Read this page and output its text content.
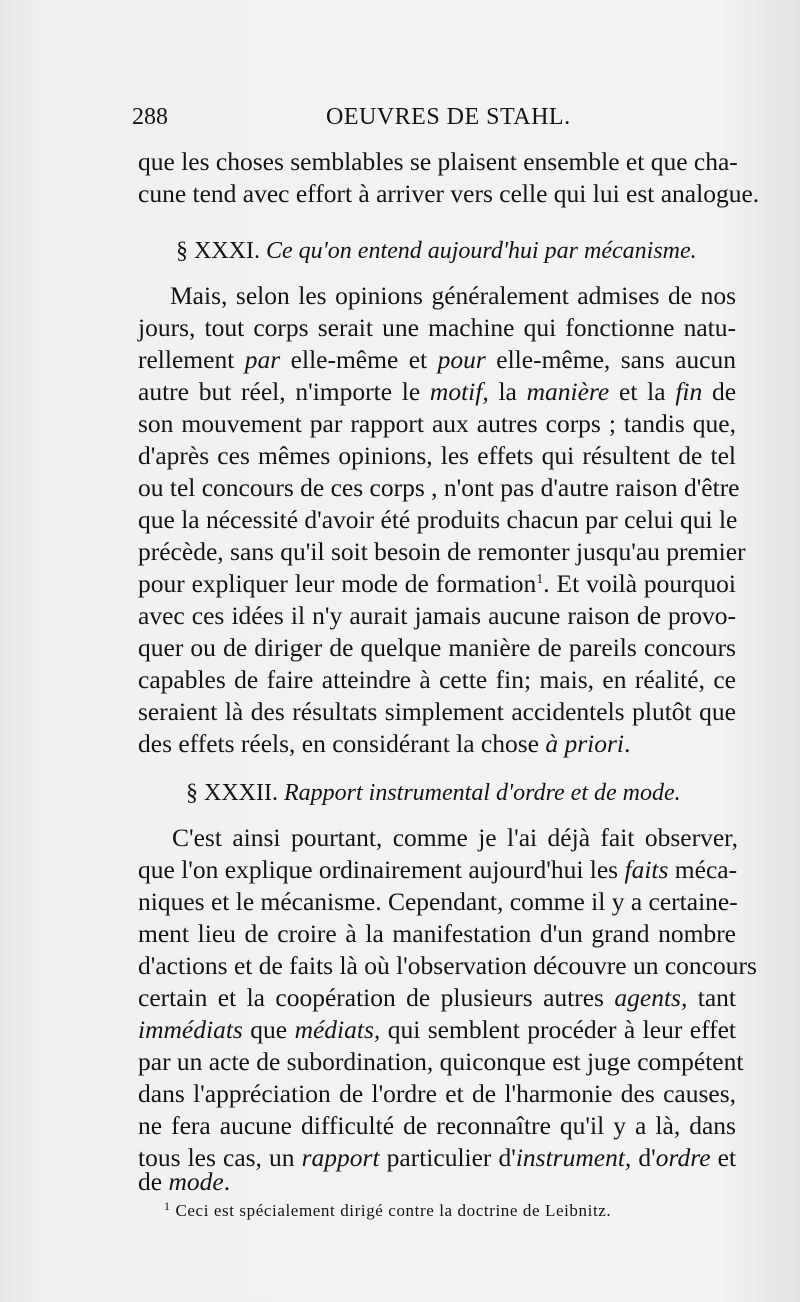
288	OEUVRES DE STAHL.
que les choses semblables se plaisent ensemble et que cha-
cune tend avec effort à arriver vers celle qui lui est analogue.
§ XXXI. Ce qu'on entend aujourd'hui par mécanisme.
Mais, selon les opinions généralement admises de nos
jours, tout corps serait une machine qui fonctionne natu-
rellement par elle-même et pour elle-même, sans aucun
autre but réel, n'importe le motif, la manière et la fin de
son mouvement par rapport aux autres corps ; tandis que,
d'après ces mêmes opinions, les effets qui résultent de tel
ou tel concours de ces corps , n'ont pas d'autre raison d'être
que la nécessité d'avoir été produits chacun par celui qui le
précède, sans qu'il soit besoin de remonter jusqu'au premier
pour expliquer leur mode de formation$^1$. Et voilà pourquoi
avec ces idées il n'y aurait jamais aucune raison de provo-
quer ou de diriger de quelque manière de pareils concours
capables de faire atteindre à cette fin; mais, en réalité, ce
seraient là des résultats simplement accidentels plutôt que
des effets réels, en considérant la chose à priori.
§ XXXII. Rapport instrumental d'ordre et de mode.
C'est ainsi pourtant, comme je l'ai déjà fait observer,
que l'on explique ordinairement aujourd'hui les faits méca-
niques et le mécanisme. Cependant, comme il y a certaine-
ment lieu de croire à la manifestation d'un grand nombre
d'actions et de faits là où l'observation découvre un concours
certain et la coopération de plusieurs autres agents, tant
immédiats que médiats, qui semblent procéder à leur effet
par un acte de subordination, quiconque est juge compétent
dans l'appréciation de l'ordre et de l'harmonie des causes,
ne fera aucune difficulté de reconnaître qu'il y a là, dans
tous les cas, un rapport particulier d'instrument, d'ordre et
de mode.
$^1$ Ceci est spécialement dirigé contre la doctrine de Leibnitz.
